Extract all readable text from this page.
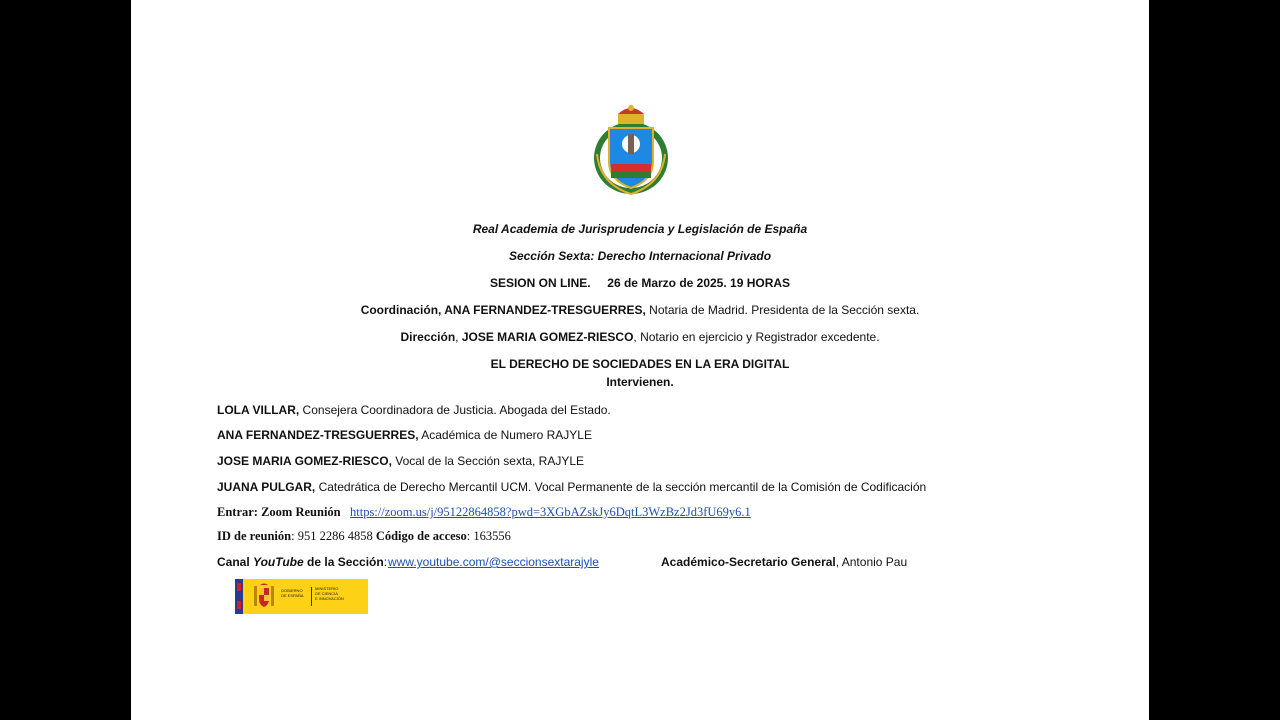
Real Academia de Jurisprudencia y Legislación de España
Sección Sexta: Derecho Internacional Privado
SESION ON LINE. 26 de Marzo de 2025. 19 HORAS
Coordinación, ANA FERNANDEZ-TRESGUERRES, Notaria de Madrid. Presidenta de la Sección sexta.
Dirección, JOSE MARIA GOMEZ-RIESCO, Notario en ejercicio y Registrador excedente.
EL DERECHO DE SOCIEDADES EN LA ERA DIGITAL
Intervienen.
LOLA VILLAR, Consejera Coordinadora de Justicia. Abogada del Estado.
ANA FERNANDEZ-TRESGUERRES, Académica de Numero RAJYLE
JOSE MARIA GOMEZ-RIESCO, Vocal de la Sección sexta, RAJYLE
JUANA PULGAR, Catedrática de Derecho Mercantil UCM. Vocal Permanente de la sección mercantil de la Comisión de Codificación
Entrar: Zoom Reunión https://zoom.us/j/95122864858?pwd=3XGbAZskJy6DqtL3WzBz2Jd3fU69y6.1
ID de reunión: 951 2286 4858 Código de acceso: 163556
Canal YouTube de la Sección: www.youtube.com/@seccionsextarajyle	Académico-Secretario General, Antonio Pau
GOBIERNO
DE ESPAÑA
MINISTERIO
DE CIENCIA
E INNOVACIÓN
